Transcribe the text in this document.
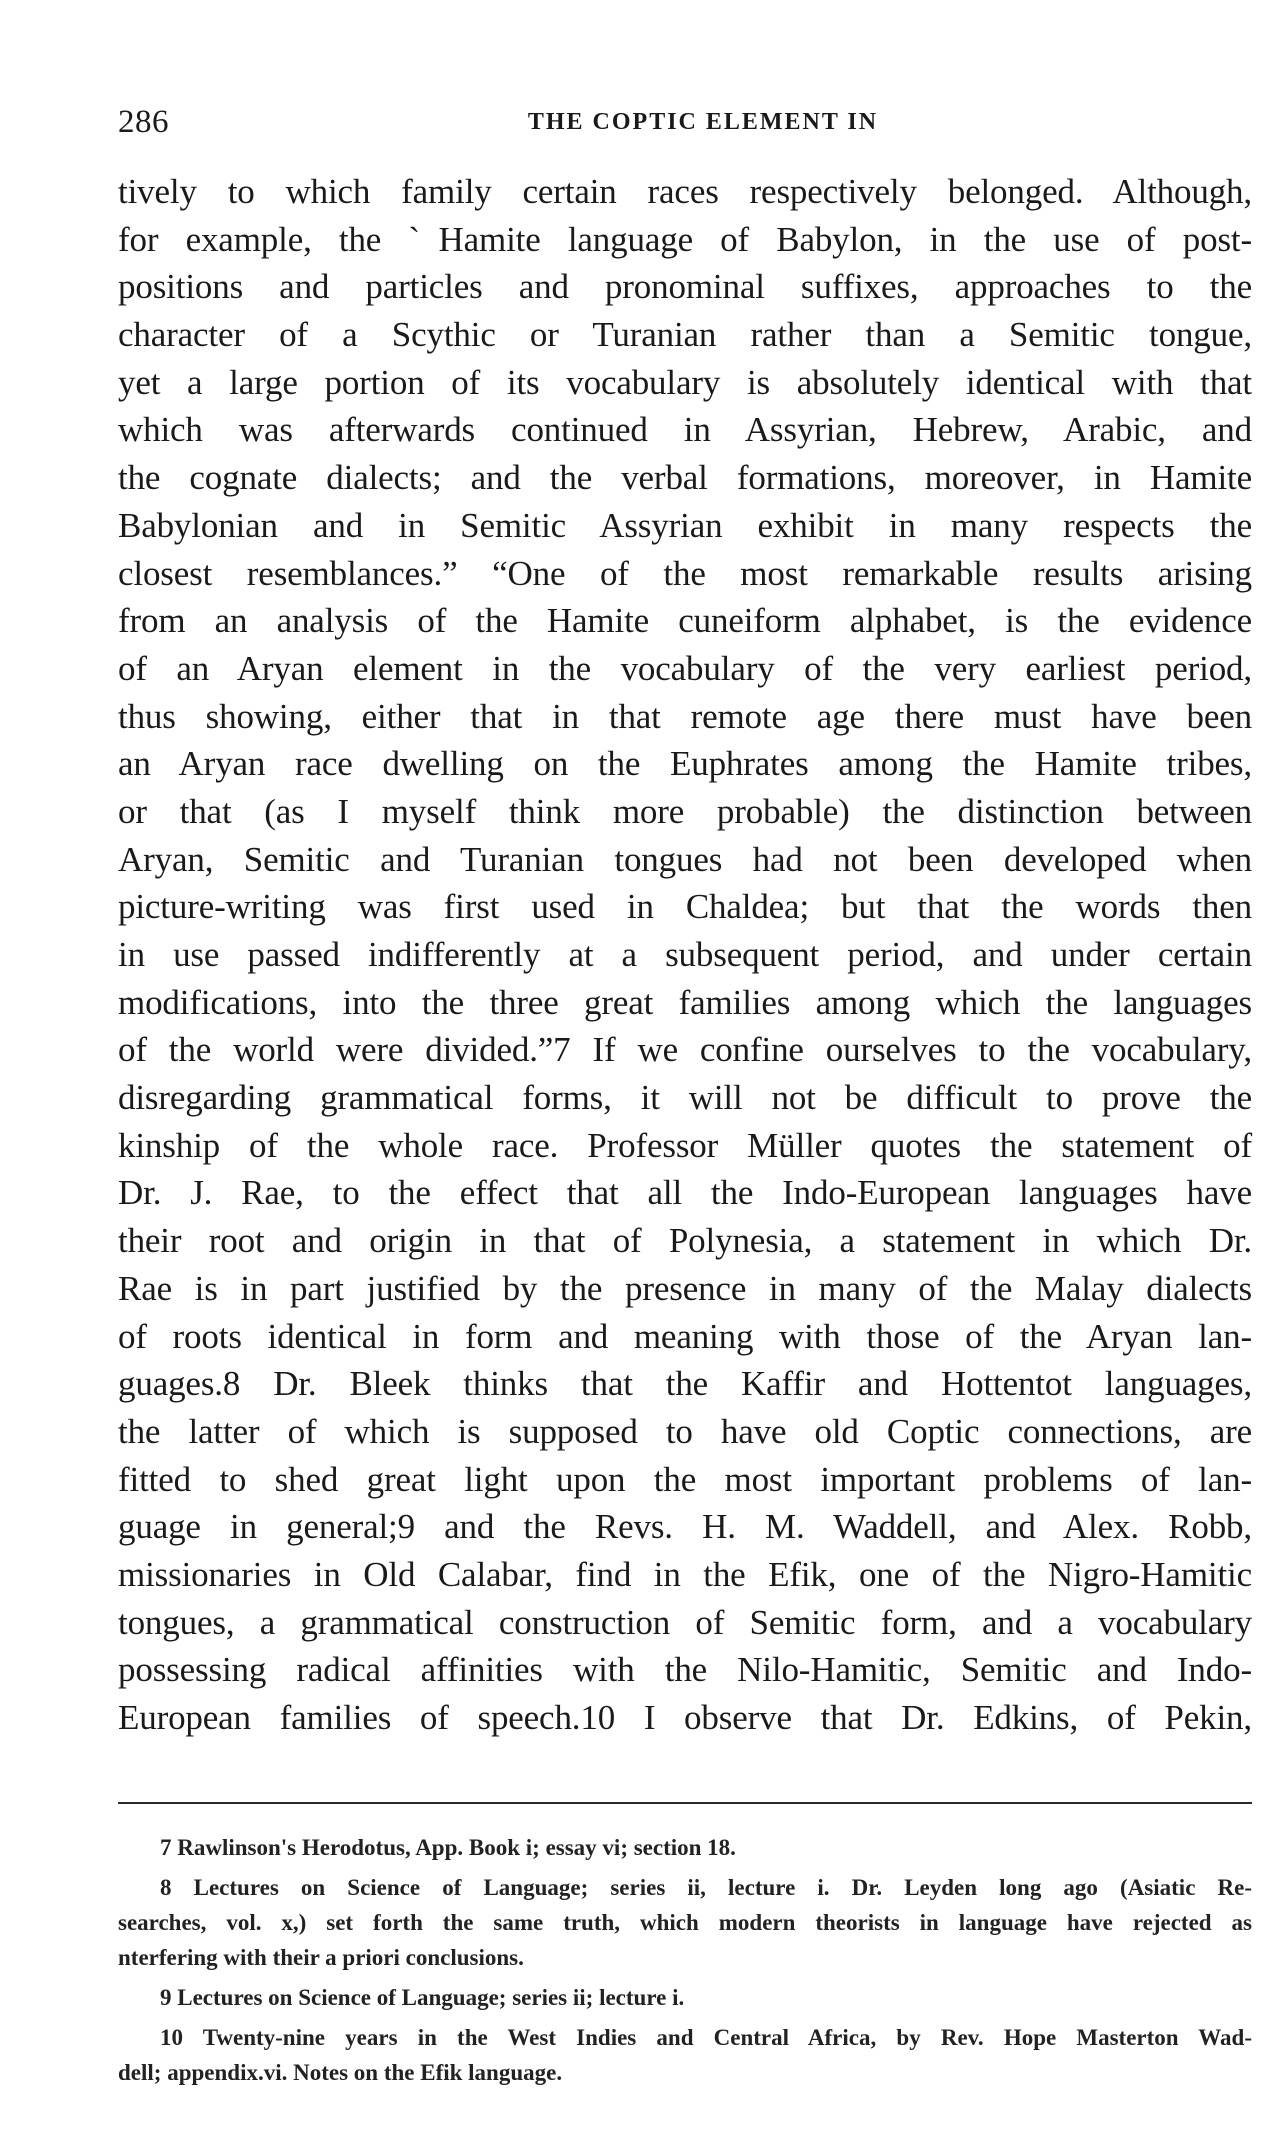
286	THE COPTIC ELEMENT IN
tively to which family certain races respectively belonged. Although,
for example, the ˋHamite language of Babylon, in the use of post-
positions and particles and pronominal suffixes, approaches to the
character of a Scythic or Turanian rather than a Semitic tongue,
yet a large portion of its vocabulary is absolutely identical with that
which was afterwards continued in Assyrian, Hebrew, Arabic, and
the cognate dialects; and the verbal formations, moreover, in Hamite
Babylonian and in Semitic Assyrian exhibit in many respects the
closest resemblances.” “One of the most remarkable results arising
from an analysis of the Hamite cuneiform alphabet, is the evidence
of an Aryan element in the vocabulary of the very earliest period,
thus showing, either that in that remote age there must have been
an Aryan race dwelling on the Euphrates among the Hamite tribes,
or that (as I myself think more probable) the distinction between
Aryan, Semitic and Turanian tongues had not been developed when
picture-writing was first used in Chaldea; but that the words then
in use passed indifferently at a subsequent period, and under certain
modifications, into the three great families among which the languages
of the world were divided.”7 If we confine ourselves to the vocabulary,
disregarding grammatical forms, it will not be difficult to prove the
kinship of the whole race. Professor Müller quotes the statement of
Dr. J. Rae, to the effect that all the Indo-European languages have
their root and origin in that of Polynesia, a statement in which Dr.
Rae is in part justified by the presence in many of the Malay dialects
of roots identical in form and meaning with those of the Aryan lan-
guages.8 Dr. Bleek thinks that the Kaffir and Hottentot languages,
the latter of which is supposed to have old Coptic connections, are
fitted to shed great light upon the most important problems of lan-
guage in general;9 and the Revs. H. M. Waddell, and Alex. Robb,
missionaries in Old Calabar, find in the Efik, one of the Nigro-Hamitic
tongues, a grammatical construction of Semitic form, and a vocabulary
possessing radical affinities with the Nilo-Hamitic, Semitic and Indo-
European families of speech.10 I observe that Dr. Edkins, of Pekin,
7 Rawlinson's Herodotus, App. Book i; essay vi; section 18.
8 Lectures on Science of Language; series ii, lecture i. Dr. Leyden long ago (Asiatic Re-
searches, vol. x,) set forth the same truth, which modern theorists in language have rejected as
nterfering with their a priori conclusions.
9 Lectures on Science of Language; series ii; lecture i.
10 Twenty-nine years in the West Indies and Central Africa, by Rev. Hope Masterton Wad-
dell; appendix.vi. Notes on the Efik language.
